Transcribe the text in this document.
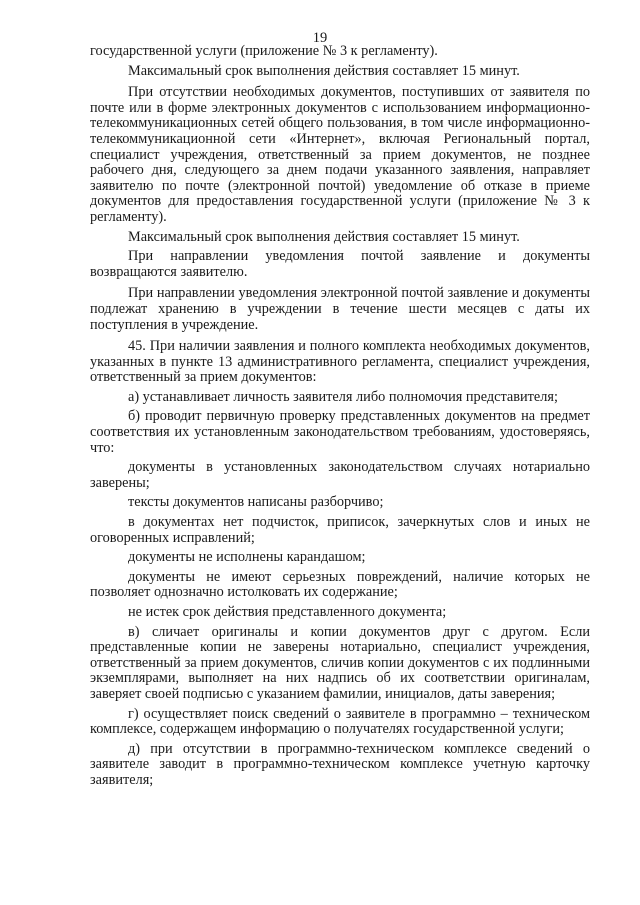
19

государственной услуги (приложение № 3 к регламенту).

Максимальный срок выполнения действия составляет 15 минут.

При отсутствии необходимых документов, поступивших от заявителя по почте или в форме электронных документов с использованием информационно-телекоммуникационных сетей общего пользования, в том числе информационно-телекоммуникационной сети «Интернет», включая Региональный портал, специалист учреждения, ответственный за прием документов, не позднее рабочего дня, следующего за днем подачи указанного заявления, направляет заявителю по почте (электронной почтой) уведомление об отказе в приеме документов для предоставления государственной услуги (приложение № 3 к регламенту).

Максимальный срок выполнения действия составляет 15 минут.

При направлении уведомления почтой заявление и документы возвращаются заявителю.

При направлении уведомления электронной почтой заявление и документы подлежат хранению в учреждении в течение шести месяцев с даты их поступления в учреждение.

45. При наличии заявления и полного комплекта необходимых документов, указанных в пункте 13 административного регламента, специалист учреждения, ответственный за прием документов:

а) устанавливает личность заявителя либо полномочия представителя;

б) проводит первичную проверку представленных документов на предмет соответствия их установленным законодательством требованиям, удостоверяясь, что:

документы в установленных законодательством случаях нотариально заверены;

тексты документов написаны разборчиво;

в документах нет подчисток, приписок, зачеркнутых слов и иных не оговоренных исправлений;

документы не исполнены карандашом;

документы не имеют серьезных повреждений, наличие которых не позволяет однозначно истолковать их содержание;

не истек срок действия представленного документа;

в) сличает оригиналы и копии документов друг с другом. Если представленные копии не заверены нотариально, специалист учреждения, ответственный за прием документов, сличив копии документов с их подлинными экземплярами, выполняет на них надпись об их соответствии оригиналам, заверяет своей подписью с указанием фамилии, инициалов, даты заверения;

г) осуществляет поиск сведений о заявителе в программно – техническом комплексе, содержащем информацию о получателях государственной услуги;

д) при отсутствии в программно-техническом комплексе сведений о заявителе заводит в программно-техническом комплексе учетную карточку заявителя;
